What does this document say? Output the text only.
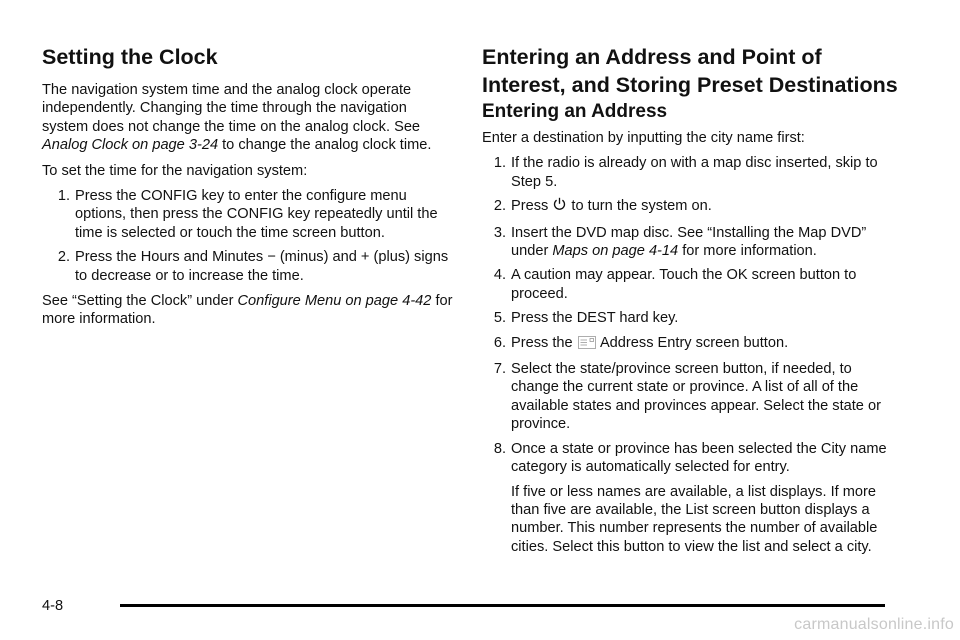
Setting the Clock

The navigation system time and the analog clock operate independently. Changing the time through the navigation system does not change the time on the analog clock. See Analog Clock on page 3-24 to change the analog clock time.

To set the time for the navigation system:

1. Press the CONFIG key to enter the configure menu options, then press the CONFIG key repeatedly until the time is selected or touch the time screen button.
2. Press the Hours and Minutes − (minus) and + (plus) signs to decrease or to increase the time.

See “Setting the Clock” under Configure Menu on page 4-42 for more information.

Entering an Address and Point of Interest, and Storing Preset Destinations
Entering an Address

Enter a destination by inputting the city name first:

1. If the radio is already on with a map disc inserted, skip to Step 5.
2. Press  to turn the system on.
3. Insert the DVD map disc. See “Installing the Map DVD” under Maps on page 4-14 for more information.
4. A caution may appear. Touch the OK screen button to proceed.
5. Press the DEST hard key.
6. Press the  Address Entry screen button.
7. Select the state/province screen button, if needed, to change the current state or province. A list of all of the available states and provinces appear. Select the state or province.
8. Once a state or province has been selected the City name category is automatically selected for entry.

If five or less names are available, a list displays. If more than five are available, the List screen button displays a number. This number represents the number of available cities. Select this button to view the list and select a city.

4-8
carmanualsonline.info
